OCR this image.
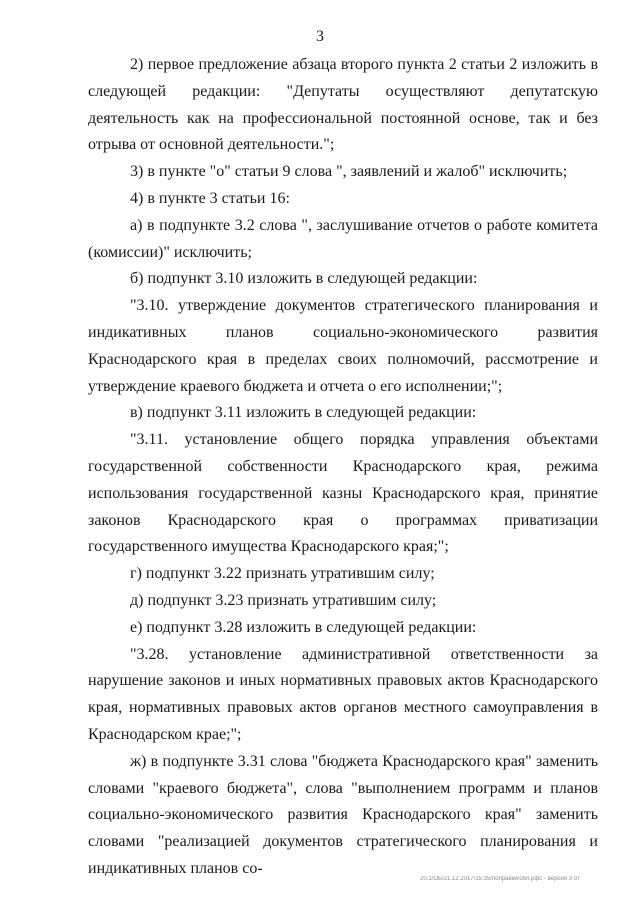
3

2) первое предложение абзаца второго пункта 2 статьи 2 изложить в следующей редакции: "Депутаты осуществляют депутатскую деятельность как на профессиональной постоянной основе, так и без отрыва от основной деятельности.";

3) в пункте "о" статьи 9 слова ", заявлений и жалоб" исключить;

4) в пункте 3 статьи 16:

а) в подпункте 3.2 слова ", заслушивание отчетов о работе комитета (комиссии)" исключить;

б) подпункт 3.10 изложить в следующей редакции:

"3.10. утверждение документов стратегического планирования и индикативных планов социально-экономического развития Краснодарского края в пределах своих полномочий, рассмотрение и утверждение краевого бюджета и отчета о его исполнении;";

в) подпункт 3.11 изложить в следующей редакции:

"3.11. установление общего порядка управления объектами государственной собственности Краснодарского края, режима использования государственной казны Краснодарского края, принятие законов Краснодарского края о программах приватизации государственного имущества Краснодарского края;";

г) подпункт 3.22 признать утратившим силу;

д) подпункт 3.23 признать утратившим силу;

е) подпункт 3.28 изложить в следующей редакции:

"3.28. установление административной ответственности за нарушение законов и иных нормативных правовых актов Краснодарского края, нормативных правовых актов органов местного самоуправления в Краснодарском крае;";

ж) в подпункте 3.31 слова "бюджета Краснодарского края" заменить словами "краевого бюджета", слова "выполнением программ и планов социально-экономического развития Краснодарского края" заменить словами "реализацией документов стратегического планирования и индикативных планов со-

20.1/ОБ/21.12.2017/15:35/поправки/обл.рфс - версия 3 от
